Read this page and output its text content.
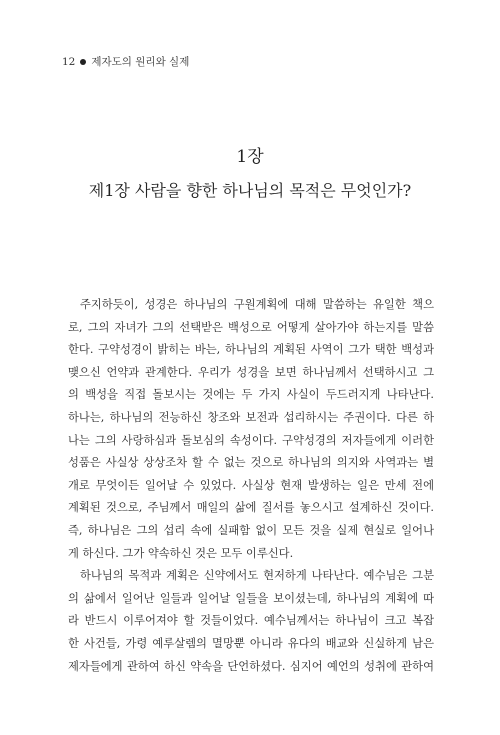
12 제자도의 원리와 실제
1장
제1장 사람을 향한 하나님의 목적은 무엇인가?
주지하듯이, 성경은 하나님의 구원계획에 대해 말씀하는 유일한 책으
로, 그의 자녀가 그의 선택받은 백성으로 어떻게 살아가야 하는지를 말씀
한다. 구약성경이 밝히는 바는, 하나님의 계획된 사역이 그가 택한 백성과
맺으신 언약과 관계한다. 우리가 성경을 보면 하나님께서 선택하시고 그
의 백성을 직접 돌보시는 것에는 두 가지 사실이 두드러지게 나타난다.
하나는, 하나님의 전능하신 창조와 보전과 섭리하시는 주권이다. 다른 하
나는 그의 사랑하심과 돌보심의 속성이다. 구약성경의 저자들에게 이러한
성품은 사실상 상상조차 할 수 없는 것으로 하나님의 의지와 사역과는 별
개로 무엇이든 일어날 수 있었다. 사실상 현재 발생하는 일은 만세 전에
계획된 것으로, 주님께서 매일의 삶에 질서를 놓으시고 설계하신 것이다.
즉, 하나님은 그의 섭리 속에 실패함 없이 모든 것을 실제 현실로 일어나
게 하신다. 그가 약속하신 것은 모두 이루신다.
하나님의 목적과 계획은 신약에서도 현저하게 나타난다. 예수님은 그분
의 삶에서 일어난 일들과 일어날 일들을 보이셨는데, 하나님의 계획에 따
라 반드시 이루어져야 할 것들이었다. 예수님께서는 하나님이 크고 복잡
한 사건들, 가령 예루살렘의 멸망뿐 아니라 유다의 배교와 신실하게 남은
제자들에게 관하여 하신 약속을 단언하셨다. 심지어 예언의 성취에 관하여
